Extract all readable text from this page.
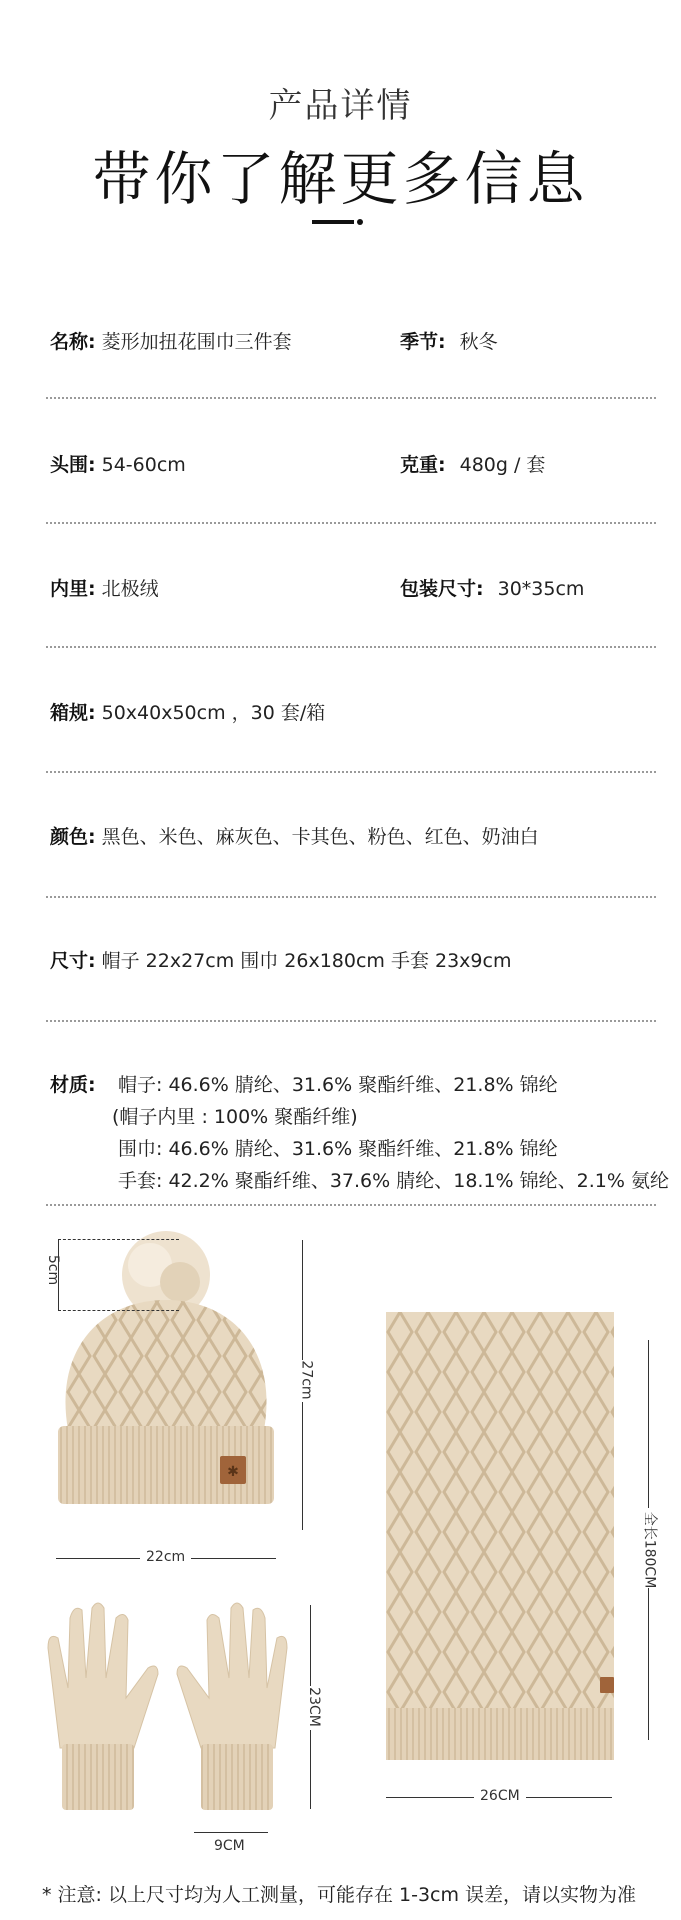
产品详情
带你了解更多信息
名称: 菱形加扭花围巾三件套	季节: 秋冬
头围: 54-60cm	克重: 480g / 套
内里: 北极绒	包装尺寸: 30*35cm
箱规: 50x40x50cm ，30 套/箱
颜色: 黑色、米色、麻灰色、卡其色、粉色、红色、奶油白
尺寸: 帽子 22x27cm 围巾 26x180cm 手套 23x9cm
材质:	帽子: 46.6% 腈纶、31.6% 聚酯纤维、21.8% 锦纶
(帽子内里 : 100% 聚酯纤维)
围巾: 46.6% 腈纶、31.6% 聚酯纤维、21.8% 锦纶
手套: 42.2% 聚酯纤维、37.6% 腈纶、18.1% 锦纶、2.1% 氨纶
✱
5cm
27cm
22cm
23CM
9CM
全长180CM
26CM
* 注意: 以上尺寸均为人工测量，可能存在 1-3cm 误差，请以实物为准
